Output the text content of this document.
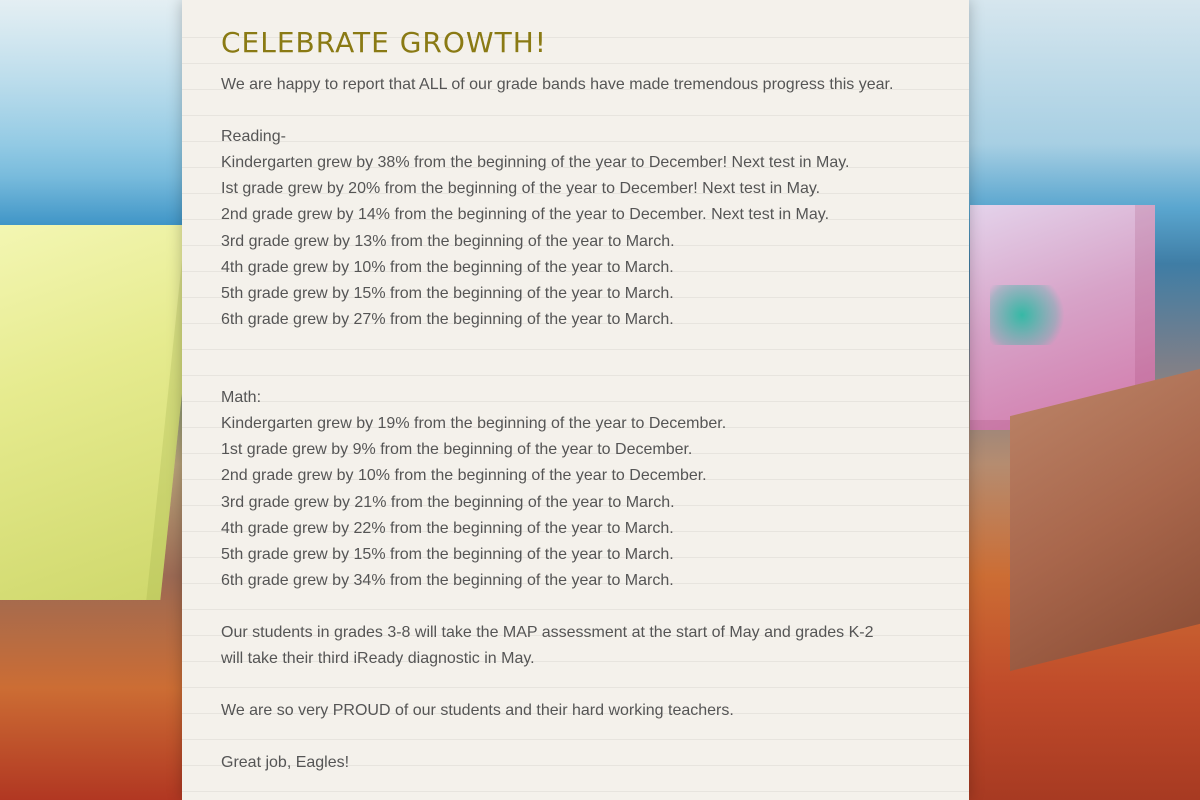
CELEBRATE GROWTH!
We are happy to report that ALL of our grade bands have made tremendous progress this year.
Reading-
Kindergarten grew by 38% from the beginning of the year to December! Next test in May.
Ist grade grew by 20% from the beginning of the year to December! Next test in May.
2nd grade grew by 14% from the beginning of the year to December. Next test in May.
3rd grade grew by 13% from the beginning of the year to March.
4th grade grew by 10% from the beginning of the year to March.
5th grade grew by 15% from the beginning of the year to March.
6th grade grew by 27% from the beginning of the year to March.
Math:
Kindergarten grew by 19% from the beginning of the year to December.
1st grade grew by 9% from the beginning of the year to December.
2nd grade grew by 10% from the beginning of the year to December.
3rd grade grew by 21% from the beginning of the year to March.
4th grade grew by 22% from the beginning of the year to March.
5th grade grew by 15% from the beginning of the year to March.
6th grade grew by 34% from the beginning of the year to March.
Our students in grades 3-8 will take the MAP assessment at the start of May and grades K-2
will take their third iReady diagnostic in May.
We are so very PROUD of our students and their hard working teachers.
Great job, Eagles!
